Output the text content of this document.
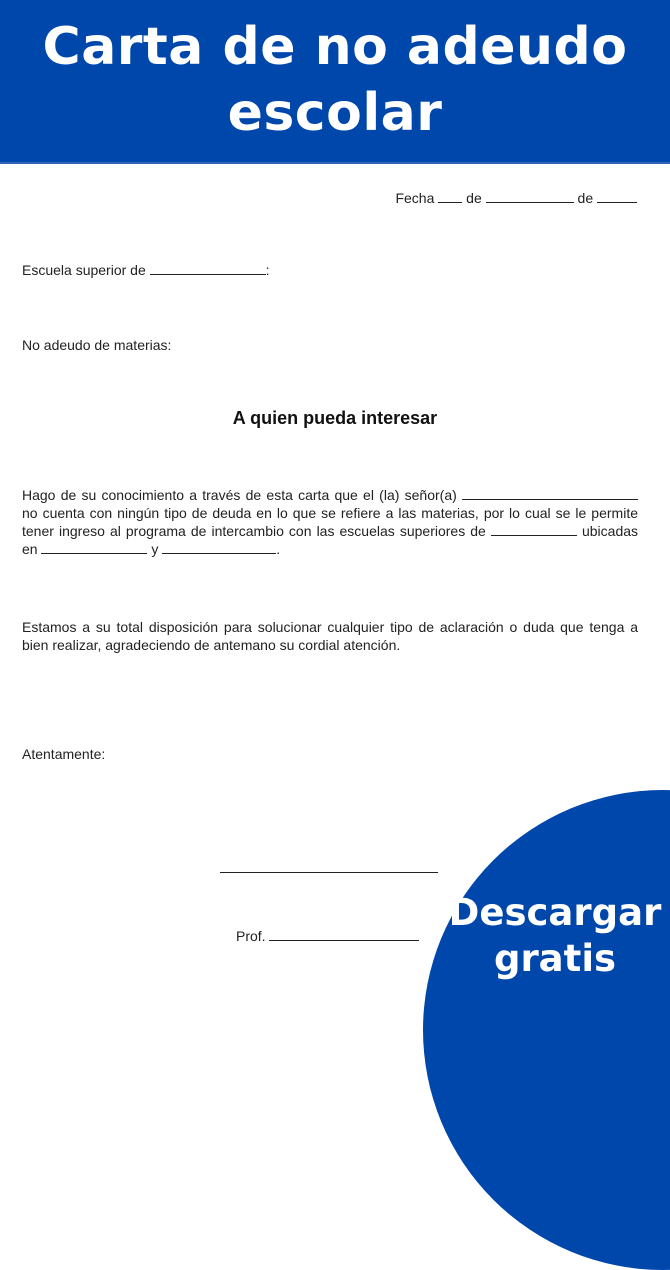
Fecha de	de
Escuela superior de	:
No adeudo de materias:
A quien pueda interesar
Hago de su conocimiento a través de esta carta que el (la) señor(a)  no cuenta con ningún tipo de deuda en lo que se refiere a las materias, por lo cual se le permite tener ingreso al programa de intercambio con las escuelas superiores de	ubicadas en	y	.
Estamos a su total disposición para solucionar cualquier tipo de aclaración o duda que tenga a bien realizar, agradeciendo de antemano su cordial atención.
Atentamente:
Prof.
Carta de no adeudo
escolar
Descargar
gratis
